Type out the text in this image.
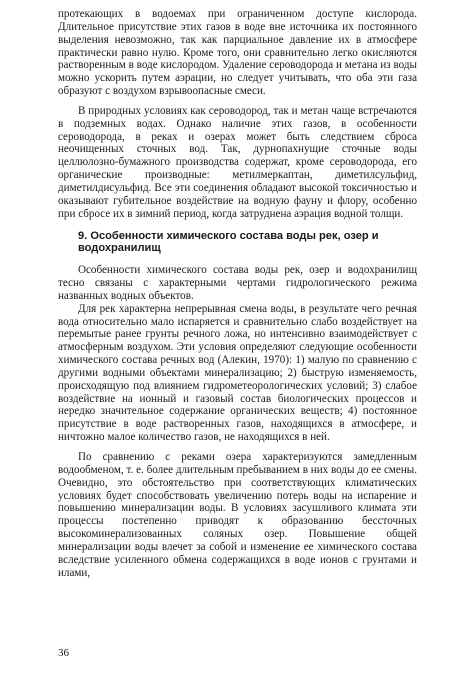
протекающих в водоемах при ограниченном доступе кислорода. Длительное присутствие этих газов в воде вне источника их постоянного выделения невозможно, так как парциальное давление их в атмосфере практически равно нулю. Кроме того, они сравнительно легко окисляются растворенным в воде кислородом. Удаление сероводорода и метана из воды можно ускорить путем аэрации, но следует учитывать, что оба эти газа образуют с воздухом взрывоопасные смеси.

В природных условиях как сероводород, так и метан чаще встречаются в подземных водах. Однако наличие этих газов, в особенности сероводорода, в реках и озерах может быть следствием сброса неочищенных сточных вод. Так, дурнопахнущие сточные воды целлюлозно-бумажного производства содержат, кроме сероводорода, его органические производные: метилмеркаптан, диметилсульфид, диметилдисульфид. Все эти соединения обладают высокой токсичностью и оказывают губительное воздействие на водную фауну и флору, особенно при сбросе их в зимний период, когда затруднена аэрация водной толщи.

9. Особенности химического состава воды рек, озер и водохранилищ

Особенности химического состава воды рек, озер и водохранилищ тесно связаны с характерными чертами гидрологического режима названных водных объектов.

Для рек характерна непрерывная смена воды, в результате чего речная вода относительно мало испаряется и сравнительно слабо воздействует на перемытые ранее грунты речного ложа, но интенсивно взаимодействует с атмосферным воздухом. Эти условия определяют следующие особенности химического состава речных вод (Алекин, 1970): 1) малую по сравнению с другими водными объектами минерализацию; 2) быструю изменяемость, происходящую под влиянием гидрометеорологических условий; 3) слабое воздействие на ионный и газовый состав биологических процессов и нередко значительное содержание органических веществ; 4) постоянное присутствие в воде растворенных газов, находящихся в атмосфере, и ничтожно малое количество газов, не находящихся в ней.

По сравнению с реками озера характеризуются замедленным водообменом, т. е. более длительным пребыванием в них воды до ее смены. Очевидно, это обстоятельство при соответствующих климатических условиях будет способствовать увеличению потерь воды на испарение и повышению минерализации воды. В условиях засушливого климата эти процессы постепенно приводят к образованию бессточных высокоминерализованных соляных озер. Повышение общей минерализации воды влечет за собой и изменение ее химического состава вследствие усиленного обмена содержащихся в воде ионов с грунтами и илами,

36
